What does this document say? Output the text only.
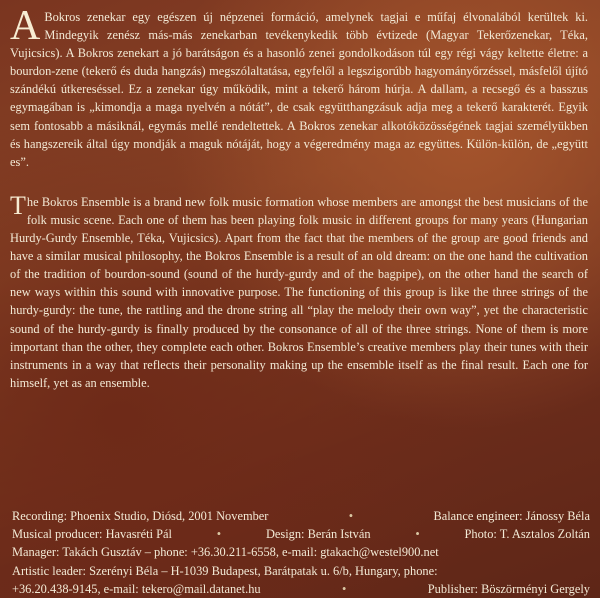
A Bokros zenekar egy egészen új népzenei formáció, amelynek tagjai e műfaj élvonalából kerültek ki. Mindegyik zenész más-más zenekarban tevékenykedik több évtizede (Magyar Tekerőzenekar, Téka, Vujicsics). A Bokros zenekart a jó barátságon és a hasonló zenei gondolkodáson túl egy régi vágy keltette életre: a bourdon-zene (tekerő és duda hangzás) megszólaltatása, egyfelől a legszigorúbb hagyományőrzéssel, másfelől újító szándékú útkereséssel. Ez a zenekar úgy működik, mint a tekerő három húrja. A dallam, a recsegő és a basszus egymagában is „kimondja a maga nyelvén a nótát”, de csak együtthangzásuk adja meg a tekerő karakterét. Egyik sem fontosabb a másiknál, egymás mellé rendeltettek. A Bokros zenekar alkotóközösségének tagjai személyükben és hangszereik által úgy mondják a maguk nótáját, hogy a végeredmény maga az együttes. Külön-külön, de „együtt es”.

The Bokros Ensemble is a brand new folk music formation whose members are amongst the best musicians of the folk music scene. Each one of them has been playing folk music in different groups for many years (Hungarian Hurdy-Gurdy Ensemble, Téka, Vujicsics). Apart from the fact that the members of the group are good friends and have a similar musical philosophy, the Bokros Ensemble is a result of an old dream: on the one hand the cultivation of the tradition of bourdon-sound (sound of the hurdy-gurdy and of the bagpipe), on the other hand the search of new ways within this sound with innovative purpose. The functioning of this group is like the three strings of the hurdy-gurdy: the tune, the rattling and the drone string all “play the melody their own way”, yet the characteristic sound of the hurdy-gurdy is finally produced by the consonance of all of the three strings. None of them is more important than the other, they complete each other. Bokros Ensemble’s creative members play their tunes with their instruments in a way that reflects their personality making up the ensemble itself as the final result. Each one for himself, yet as an ensemble.

Recording: Phoenix Studio, Diósd, 2001 November	•	Balance engineer: Jánossy Béla
Musical producer: Havasréti Pál	•	Design: Berán István	•	Photo: T. Asztalos Zoltán
Manager: Takách Gusztáv – phone: +36.30.211-6558, e-mail: gtakach@westel900.net
Artistic leader: Szerényi Béla – H-1039 Budapest, Barátpatak u. 6/b, Hungary, phone:
+36.20.438-9145, e-mail: tekero@mail.datanet.hu	•	Publisher: Böszörményi Gergely
